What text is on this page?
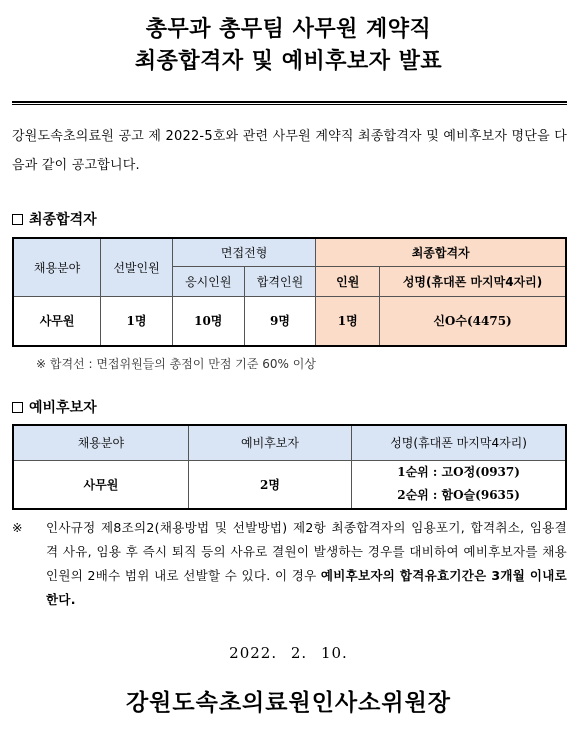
총무과 총무팀 사무원 계약직
최종합격자 및 예비후보자 발표
강원도속초의료원 공고 제 2022-5호와 관련 사무원 계약직 최종합격자 및 예비후보자 명단을 다음과 같이 공고합니다.
최종합격자
채용분야	선발인원	면접전형		최종합격자	
		응시인원	합격인원	인원	성명(휴대폰 마지막4자리)
사무원	1명	10명	9명	1명	신O수(4475)
※ 합격선 : 면접위원들의 총점이 만점 기준 60% 이상
예비후보자
채용분야	예비후보자	성명(휴대폰 마지막4자리)
사무원	2명	1순위 : 고O정(0937)
2순위 : 함O슬(9635)
※ 인사규정 제8조의2(채용방법 및 선발방법) 제2항 최종합격자의 임용포기, 합격취소, 임용결격 사유, 임용 후 즉시 퇴직 등의 사유로 결원이 발생하는 경우를 대비하여 예비후보자를 채용인원의 2배수 범위 내로 선발할 수 있다. 이 경우 예비후보자의 합격유효기간은 3개월 이내로 한다.
2022. 2. 10.
강원도속초의료원인사소위원장
